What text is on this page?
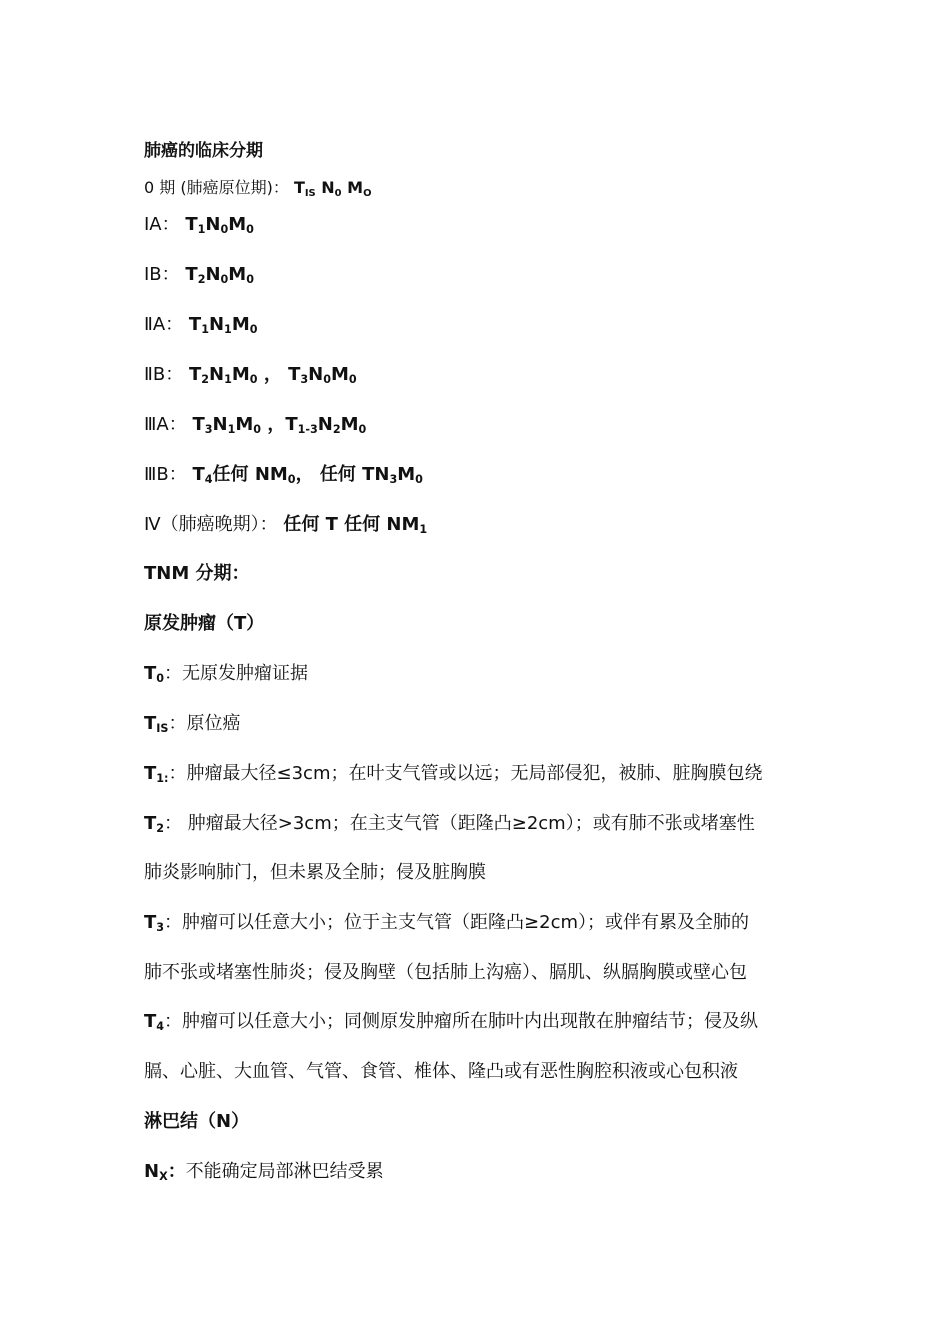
肺癌的临床分期
0 期 (肺癌原位期)： $T_{IS}$ $N_0$ $M_O$
ⅠA： $T_1N_0M_0$
ⅠB： $T_2N_0M_0$
ⅡA： $T_1N_1M_0$
ⅡB： $T_2N_1M_0$ ， $T_3N_0M_0$
ⅢA： $T_3N_1M_0$ ，$T_{1-3}N_2M_0$
ⅢB： $T_4$任何 $NM_0$， 任何 $TN_3M_0$
Ⅳ（肺癌晚期）： 任何 T 任何 $NM_1$
TNM 分期：
原发肿瘤（T）
$T_0$：无原发肿瘤证据
$T_{IS}$：原位癌
$T_{1:}$：肿瘤最大径≤3cm；在叶支气管或以远；无局部侵犯，被肺、脏胸膜包绕
$T_2$： 肿瘤最大径>3cm；在主支气管（距隆凸≥2cm）；或有肺不张或堵塞性
肺炎影响肺门，但未累及全肺；侵及脏胸膜
$T_3$：肿瘤可以任意大小；位于主支气管（距隆凸≥2cm）；或伴有累及全肺的
肺不张或堵塞性肺炎；侵及胸壁（包括肺上沟癌）、膈肌、纵膈胸膜或壁心包
$T_4$：肿瘤可以任意大小；同侧原发肿瘤所在肺叶内出现散在肿瘤结节；侵及纵
膈、心脏、大血管、气管、食管、椎体、隆凸或有恶性胸腔积液或心包积液
淋巴结（N）
$N_X$：不能确定局部淋巴结受累
